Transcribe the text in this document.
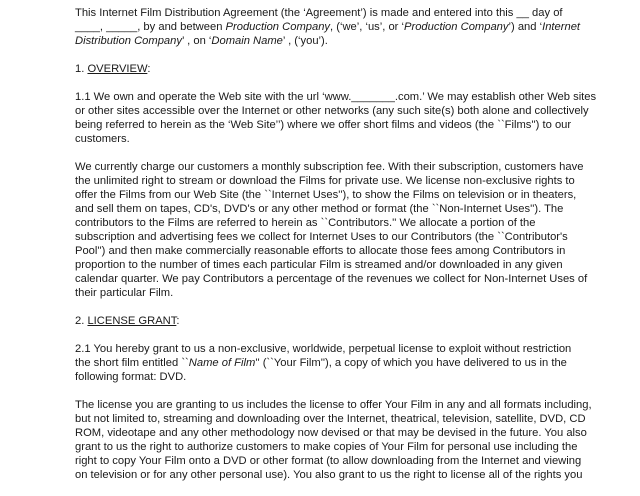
This Internet Film Distribution Agreement (the ‘Agreement’) is made and entered into this __ day of
____, _____, by and between Production Company, (‘we’, ‘us’, or ‘Production Company’) and ‘Internet
Distribution Company’ , on ‘Domain Name’ , (‘you’).

1. OVERVIEW:

1.1 We own and operate the Web site with the url ‘www._______.com.’ We may establish other Web sites
or other sites accessible over the Internet or other networks (any such site(s) both alone and collectively
being referred to herein as the ‘Web Site’’) where we offer short films and videos (the ``Films'') to our
customers.

We currently charge our customers a monthly subscription fee. With their subscription, customers have
the unlimited right to stream or download the Films for private use. We license non-exclusive rights to
offer the Films from our Web Site (the ``Internet Uses''), to show the Films on television or in theaters,
and sell them on tapes, CD's, DVD's or any other method or format (the ``Non-Internet Uses''). The
contributors to the Films are referred to herein as ``Contributors.'' We allocate a portion of the
subscription and advertising fees we collect for Internet Uses to our Contributors (the ``Contributor's
Pool'') and then make commercially reasonable efforts to allocate those fees among Contributors in
proportion to the number of times each particular Film is streamed and/or downloaded in any given
calendar quarter. We pay Contributors a percentage of the revenues we collect for Non-Internet Uses of
their particular Film.

2. LICENSE GRANT:

2.1 You hereby grant to us a non-exclusive, worldwide, perpetual license to exploit without restriction
the short film entitled ``Name of Film'' (``Your Film''), a copy of which you have delivered to us in the
following format: DVD.

The license you are granting to us includes the license to offer Your Film in any and all formats including,
but not limited to, streaming and downloading over the Internet, theatrical, television, satellite, DVD, CD
ROM, videotape and any other methodology now devised or that may be devised in the future. You also
grant to us the right to authorize customers to make copies of Your Film for personal use including the
right to copy Your Film onto a DVD or other format (to allow downloading from the Internet and viewing
on television or for any other personal use). You also grant to us the right to license all of the rights you
